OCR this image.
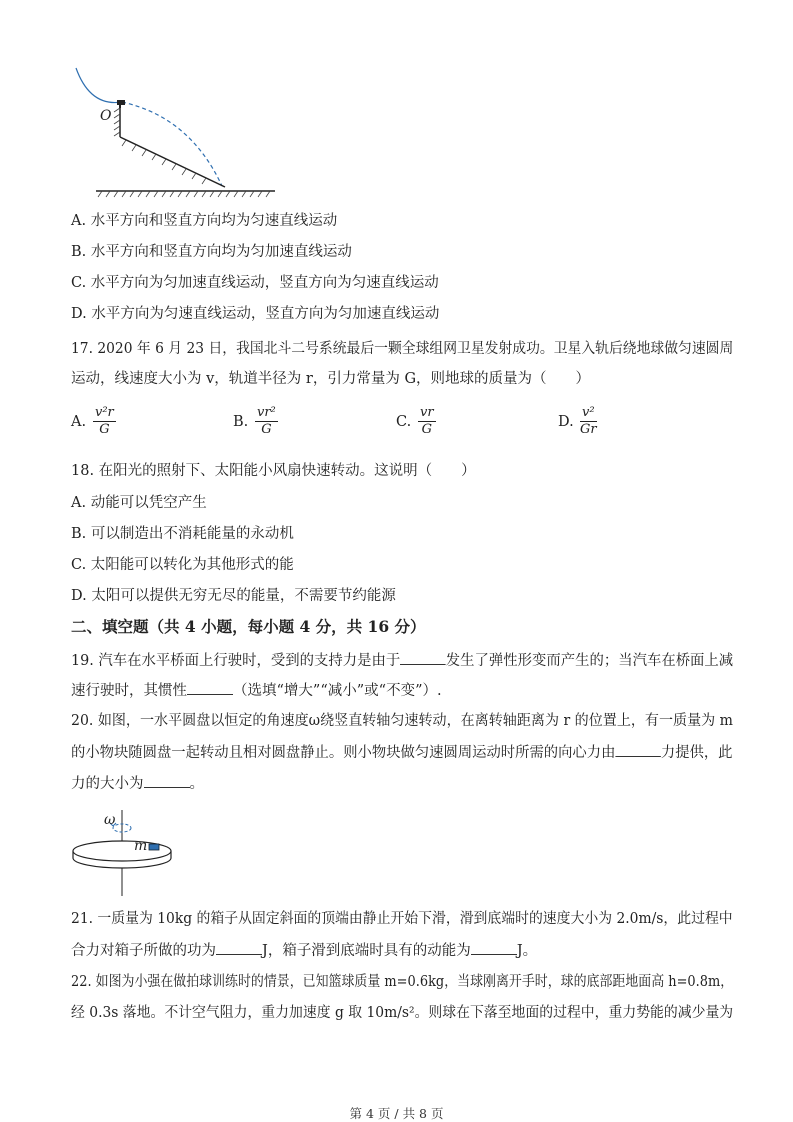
O
A. 水平方向和竖直方向均为匀速直线运动
B. 水平方向和竖直方向均为匀加速直线运动
C. 水平方向为匀加速直线运动，竖直方向为匀速直线运动
D. 水平方向为匀速直线运动，竖直方向为匀加速直线运动
17. 2020 年 6 月 23 日，我国北斗二号系统最后一颗全球组网卫星发射成功。卫星入轨后绕地球做匀速圆周
运动，线速度大小为 v，轨道半径为 r，引力常量为 G，则地球的质量为（　　）
A. $\frac{\text{v²r}}{G}$	B. $\frac{\text{vr²}}{G}$	C. $\frac{vr}{G}$	D. $\frac{\text{v²}}{Gr}$
18. 在阳光的照射下、太阳能小风扇快速转动。这说明（　　）
A. 动能可以凭空产生
B. 可以制造出不消耗能量的永动机
C. 太阳能可以转化为其他形式的能
D. 太阳可以提供无穷无尽的能量，不需要节约能源
二、填空题（共 4 小题，每小题 4 分，共 16 分）
19. 汽车在水平桥面上行驶时，受到的支持力是由于	发生了弹性形变而产生的；当汽车在桥面上减
速行驶时，其惯性	（选填“增大”“减小”或“不变”）.
20. 如图，一水平圆盘以恒定的角速度ω绕竖直转轴匀速转动，在离转轴距离为 r 的位置上，有一质量为 m
的小物块随圆盘一起转动且相对圆盘静止。则小物块做匀速圆周运动时所需的向心力由	力提供，此
力的大小为	。
ω
m
21. 一质量为 10kg 的箱子从固定斜面的顶端由静止开始下滑，滑到底端时的速度大小为 2.0m/s，此过程中
合力对箱子所做的功为	J，箱子滑到底端时具有的动能为	J。
22. 如图为小强在做拍球训练时的情景，已知篮球质量 m=0.6kg，当球刚离开手时，球的底部距地面高 h=0.8m，
经 0.3s 落地。不计空气阻力，重力加速度 g 取 10m/s²。则球在下落至地面的过程中，重力势能的减少量为
第 4 页 / 共 8 页
